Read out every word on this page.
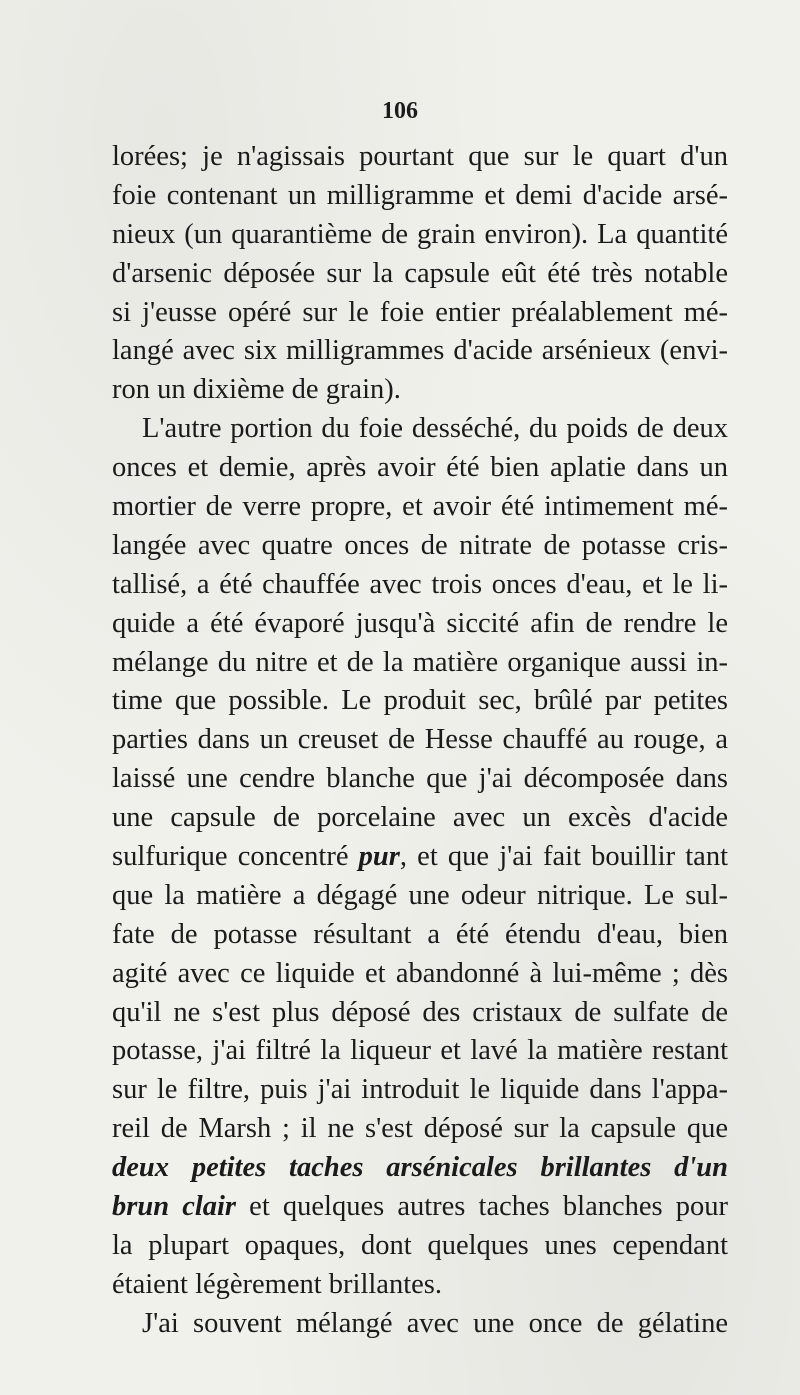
106
lorées; je n'agissais pourtant que sur le quart d'un
foie contenant un milligramme et demi d'acide arsé-
nieux (un quarantième de grain environ). La quantité
d'arsenic déposée sur la capsule eût été très notable
si j'eusse opéré sur le foie entier préalablement mé-
langé avec six milligrammes d'acide arsénieux (envi-
ron un dixième de grain).
L'autre portion du foie desséché, du poids de deux
onces et demie, après avoir été bien aplatie dans un
mortier de verre propre, et avoir été intimement mé-
langée avec quatre onces de nitrate de potasse cris-
tallisé, a été chauffée avec trois onces d'eau, et le li-
quide a été évaporé jusqu'à siccité afin de rendre le
mélange du nitre et de la matière organique aussi in-
time que possible. Le produit sec, brûlé par petites
parties dans un creuset de Hesse chauffé au rouge, a
laissé une cendre blanche que j'ai décomposée dans
une capsule de porcelaine avec un excès d'acide
sulfurique concentré pur, et que j'ai fait bouillir tant
que la matière a dégagé une odeur nitrique. Le sul-
fate de potasse résultant a été étendu d'eau, bien
agité avec ce liquide et abandonné à lui-même ; dès
qu'il ne s'est plus déposé des cristaux de sulfate de
potasse, j'ai filtré la liqueur et lavé la matière restant
sur le filtre, puis j'ai introduit le liquide dans l'appa-
reil de Marsh ; il ne s'est déposé sur la capsule que
deux petites taches arsénicales brillantes d'un
brun clair et quelques autres taches blanches pour
la plupart opaques, dont quelques unes cependant
étaient légèrement brillantes.
J'ai souvent mélangé avec une once de gélatine
